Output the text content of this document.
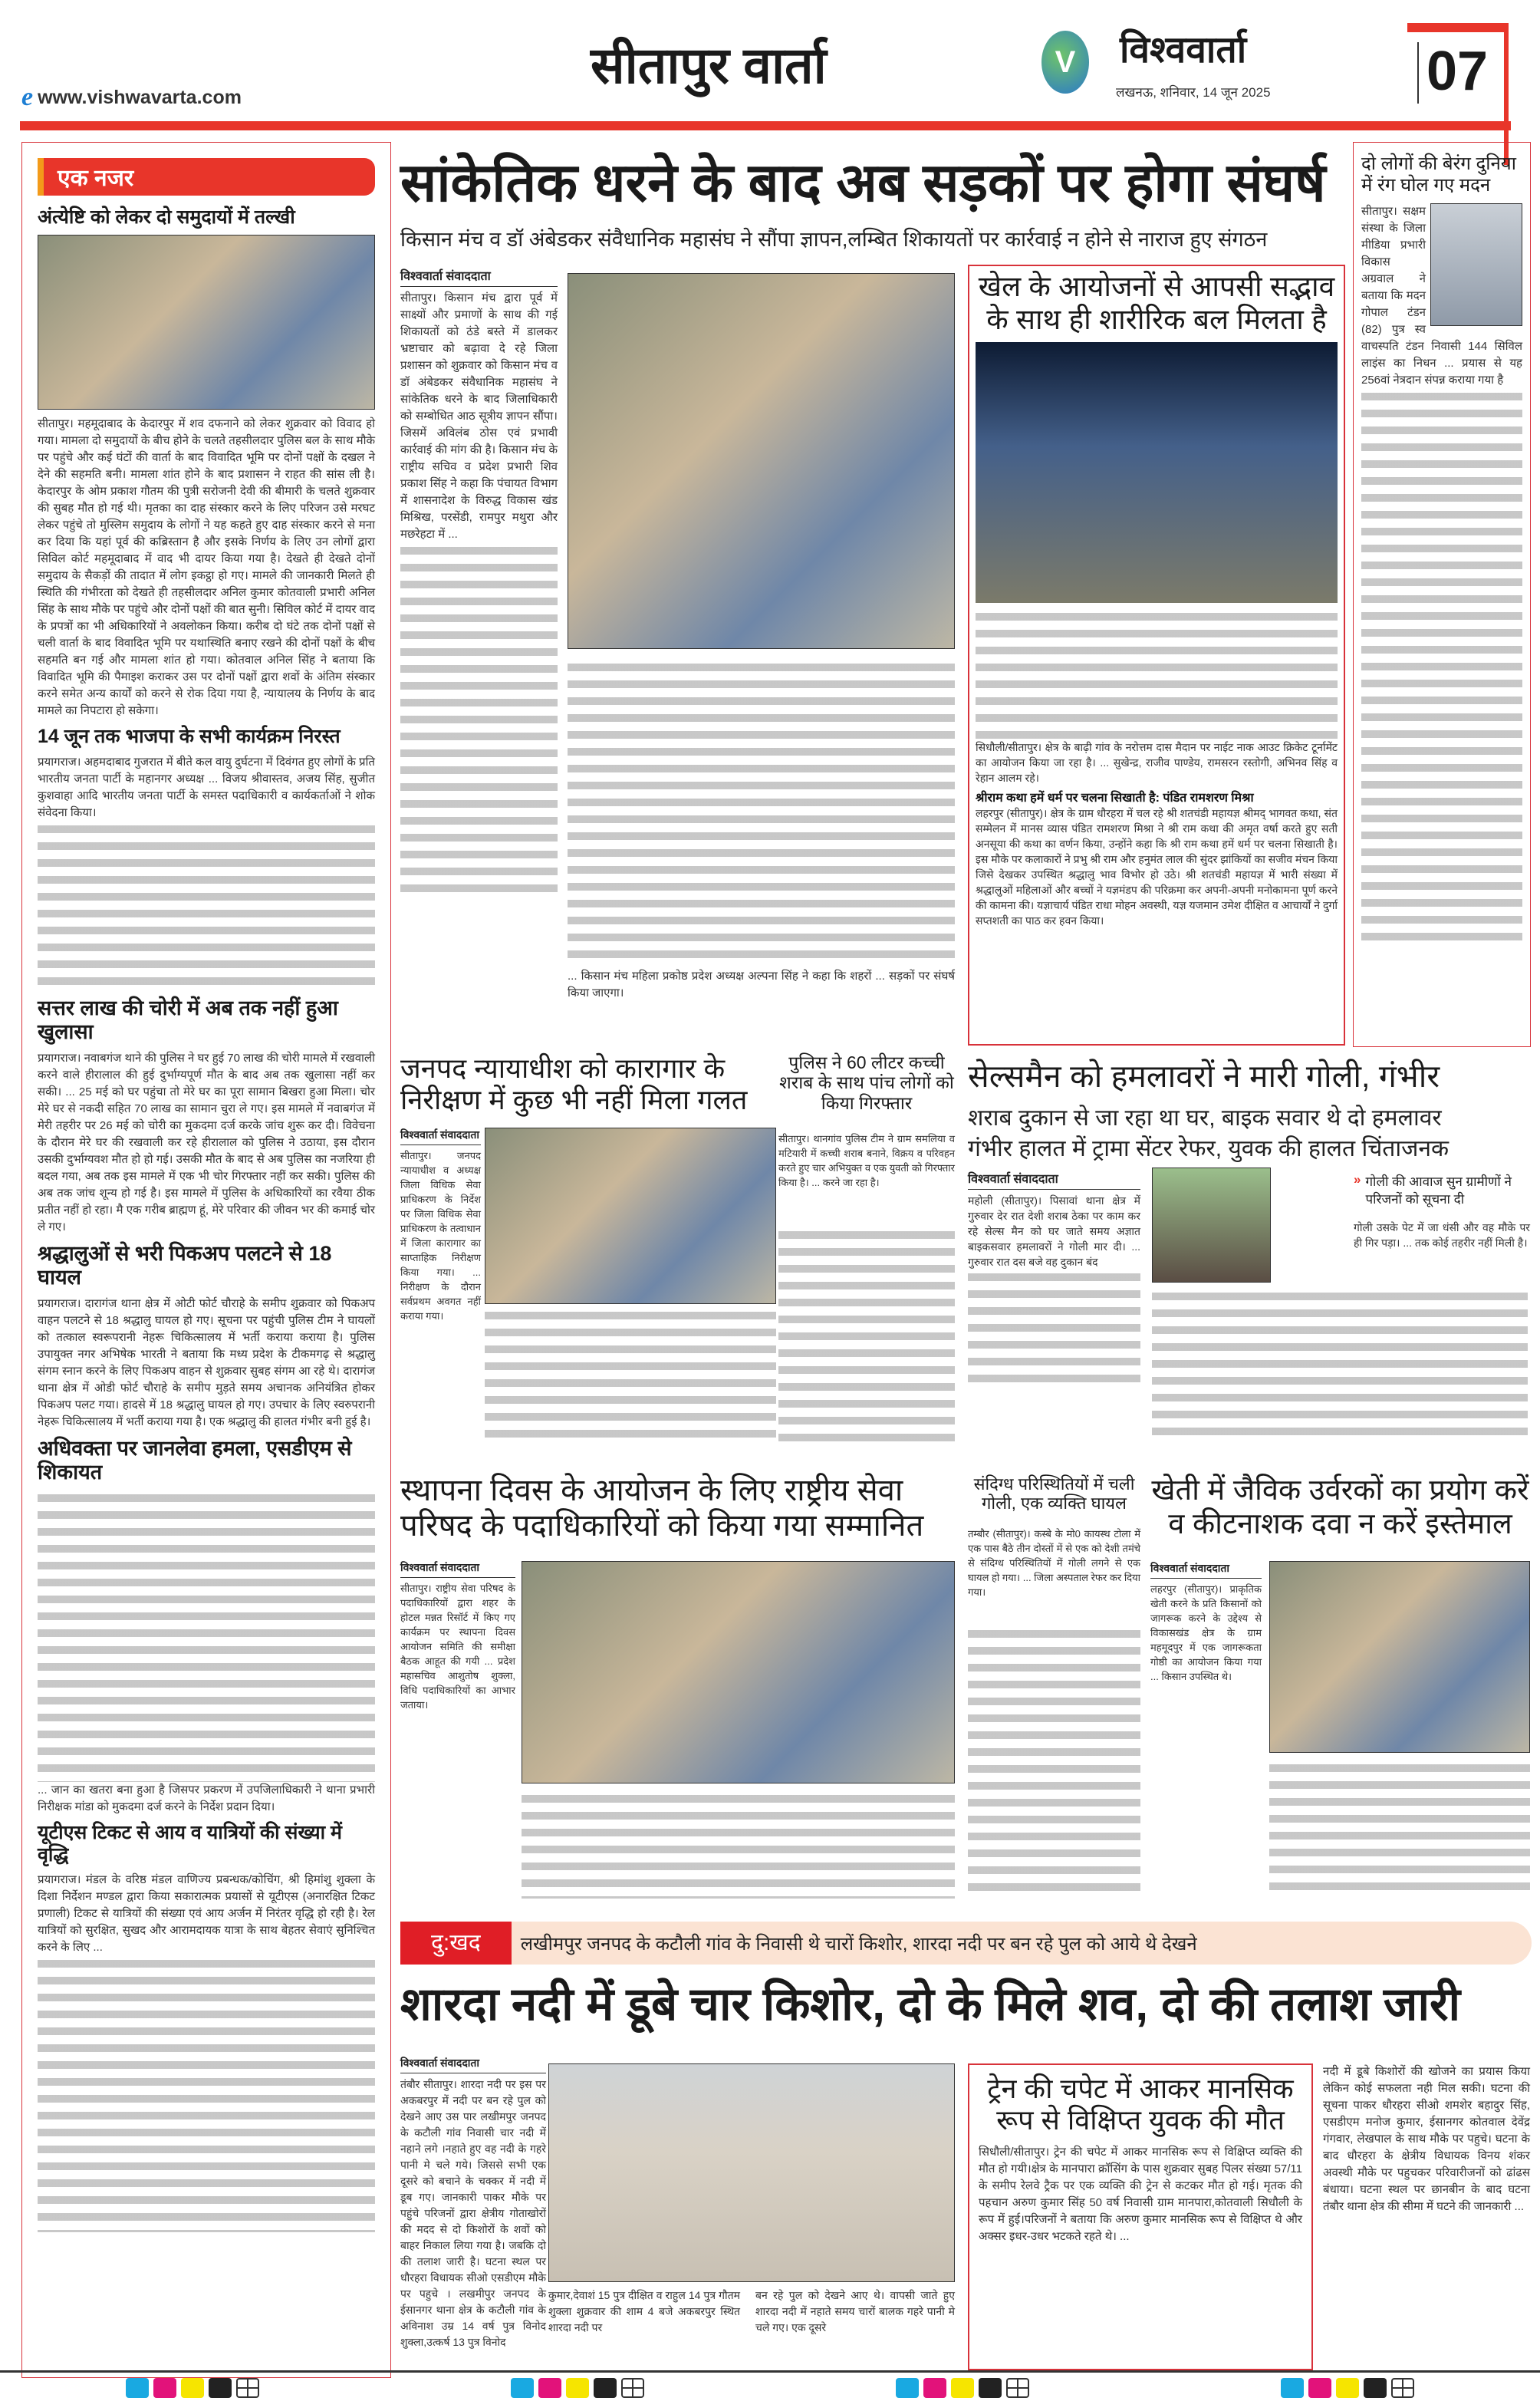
e www.vishwavarta.com
सीतापुर वार्ता	V	विश्ववार्ता
लखनऊ, शनिवार, 14 जून 2025	07
एक नजर
अंत्येष्टि को लेकर दो समुदायों में तल्खी
सीतापुर। महमूदाबाद के केदारपुर में शव दफनाने को लेकर शुक्रवार को विवाद हो गया। मामला दो समुदायों के बीच होने के चलते तहसीलदार पुलिस बल के साथ मौके पर पहुंचे और कई घंटों की वार्ता के बाद विवादित भूमि पर दोनों पक्षों के दखल ने देने की सहमति बनी। मामला शांत होने के बाद प्रशासन ने राहत की सांस ली है। केदारपुर के ओम प्रकाश गौतम की पुत्री सरोजनी देवी की बीमारी के चलते शुक्रवार की सुबह मौत हो गई थी। मृतका का दाह संस्कार करने के लिए परिजन उसे मरघट लेकर पहुंचे तो मुस्लिम समुदाय के लोगों ने यह कहते हुए दाह संस्कार करने से मना कर दिया कि यहां पूर्व की कब्रिस्तान है और इसके निर्णय के लिए उन लोगों द्वारा सिविल कोर्ट महमूदाबाद में वाद भी दायर किया गया है। देखते ही देखते दोनों समुदाय के सैकड़ों की तादात में लोग इकट्ठा हो गए। मामले की जानकारी मिलते ही स्थिति की गंभीरता को देखते ही तहसीलदार अनिल कुमार कोतवाली प्रभारी अनिल सिंह के साथ मौके पर पहुंचे और दोनों पक्षों की बात सुनी। सिविल कोर्ट में दायर वाद के प्रपत्रों का भी अधिकारियों ने अवलोकन किया। करीब दो घंटे तक दोनों पक्षों से चली वार्ता के बाद विवादित भूमि पर यथास्थिति बनाए रखने की दोनों पक्षों के बीच सहमति बन गई और मामला शांत हो गया। कोतवाल अनिल सिंह ने बताया कि विवादित भूमि की पैमाइश कराकर उस पर दोनों पक्षों द्वारा शवों के अंतिम संस्कार करने समेत अन्य कार्यों को करने से रोक दिया गया है, न्यायालय के निर्णय के बाद मामले का निपटारा हो सकेगा।
14 जून तक भाजपा के सभी कार्यक्रम निरस्त
प्रयागराज। अहमदाबाद गुजरात में बीते कल वायु दुर्घटना में दिवंगत हुए लोगों के प्रति भारतीय जनता पार्टी के महानगर अध्यक्ष ... विजय श्रीवास्तव, अजय सिंह, सुजीत कुशवाहा आदि भारतीय जनता पार्टी के समस्त पदाधिकारी व कार्यकर्ताओं ने शोक संवेदना किया।
सत्तर लाख की चोरी में अब तक नहीं हुआ खुलासा
प्रयागराज। नवाबगंज थाने की पुलिस ने घर हुई 70 लाख की चोरी मामले में रखवाली करने वाले हीरालाल की हुई दुर्भाग्यपूर्ण मौत के बाद अब तक खुलासा नहीं कर सकी। ... 25 मई को घर पहुंचा तो मेरे घर का पूरा सामान बिखरा हुआ मिला। चोर मेरे घर से नकदी सहित 70 लाख का सामान चुरा ले गए। इस मामले में नवाबगंज में मेरी तहरीर पर 26 मई को चोरी का मुकदमा दर्ज करके जांच शुरू कर दी। विवेचना के दौरान मेरे घर की रखवाली कर रहे हीरालाल को पुलिस ने उठाया, इस दौरान उसकी दुर्भाग्यवश मौत हो हो गई। उसकी मौत के बाद से अब पुलिस का नजरिया ही बदल गया, अब तक इस मामले में एक भी चोर गिरफ्तार नहीं कर सकी। पुलिस की अब तक जांच शून्य हो गई है। इस मामले में पुलिस के अधिकारियों का रवैया ठीक प्रतीत नहीं हो रहा। मै एक गरीब ब्राह्मण हूं, मेरे परिवार की जीवन भर की कमाई चोर ले गए।
श्रद्धालुओं से भरी पिकअप पलटने से 18 घायल
प्रयागराज। दारागंज थाना क्षेत्र में ओटी फोर्ट चौराहे के समीप शुक्रवार को पिकअप वाहन पलटने से 18 श्रद्धालु घायल हो गए। सूचना पर पहुंची पुलिस टीम ने घायलों को तत्काल स्वरूपरानी नेहरू चिकित्सालय में भर्ती कराया कराया है। पुलिस उपायुक्त नगर अभिषेक भारती ने बताया कि मध्य प्रदेश के टीकमगढ़ से श्रद्धालु संगम स्नान करने के लिए पिकअप वाहन से शुक्रवार सुबह संगम आ रहे थे। दारागंज थाना क्षेत्र में ओडी फोर्ट चौराहे के समीप मुड़ते समय अचानक अनियंत्रित होकर पिकअप पलट गया। हादसे में 18 श्रद्धालु घायल हो गए। उपचार के लिए स्वरुपरानी नेहरू चिकित्सालय में भर्ती कराया गया है। एक श्रद्धालु की हालत गंभीर बनी हुई है।
अधिवक्ता पर जानलेवा हमला, एसडीएम से शिकायत
... जान का खतरा बना हुआ है जिसपर प्रकरण में उपजिलाधिकारी ने थाना प्रभारी निरीक्षक मांडा को मुकदमा दर्ज करने के निर्देश प्रदान दिया।
यूटीएस टिकट से आय व यात्रियों की संख्या में वृद्धि
प्रयागराज। मंडल के वरिष्ठ मंडल वाणिज्य प्रबन्धक/कोचिंग, श्री हिमांशु शुक्ला के दिशा निर्देशन मण्डल द्वारा किया सकारात्मक प्रयासों से यूटीएस (अनारक्षित टिकट प्रणाली) टिकट से यात्रियों की संख्या एवं आय अर्जन में निरंतर वृद्धि हो रही है। रेल यात्रियों को सुरक्षित, सुखद और आरामदायक यात्रा के साथ बेहतर सेवाएं सुनिश्चित करने के लिए ...
सांकेतिक धरने के बाद अब सड़कों पर होगा संघर्ष
किसान मंच व डॉ अंबेडकर संवैधानिक महासंघ ने सौंपा ज्ञापन,लम्बित शिकायतों पर कार्रवाई न होने से नाराज हुए संगठन
विश्ववार्ता संवाददाता
सीतापुर। किसान मंच द्वारा पूर्व में साक्ष्यों और प्रमाणों के साथ की गई शिकायतों को ठंडे बस्ते में डालकर भ्रष्टाचार को बढ़ावा दे रहे जिला प्रशासन को शुक्रवार को किसान मंच व डॉ अंबेडकर संवैधानिक महासंघ ने सांकेतिक धरने के बाद जिलाधिकारी को सम्बोधित आठ सूत्रीय ज्ञापन सौंपा। जिसमें अविलंब ठोस एवं प्रभावी कार्रवाई की मांग की है। किसान मंच के राष्ट्रीय सचिव व प्रदेश प्रभारी शिव प्रकाश सिंह ने कहा कि पंचायत विभाग में शासनादेश के विरुद्ध विकास खंड मिश्रिख, परसेंडी, रामपुर मथुरा और मछरेहटा में ...
... किसान मंच महिला प्रकोष्ठ प्रदेश अध्यक्ष अल्पना सिंह ने कहा कि शहरों ... सड़कों पर संघर्ष किया जाएगा।
खेल के आयोजनों से आपसी सद्भाव के साथ ही शारीरिक बल मिलता है
सिधौली/सीतापुर। क्षेत्र के बाढ़ी गांव के नरोत्तम दास मैदान पर नाईट नाक आउट क्रिकेट टूर्नामेंट का आयोजन किया जा रहा है। ... सुखेन्द्र, राजीव पाण्डेय, रामसरन रस्तोगी, अभिनव सिंह व रेहान आलम रहे।
श्रीराम कथा हमें धर्म पर चलना सिखाती है: पंडित रामशरण मिश्रा
लहरपुर (सीतापुर)। क्षेत्र के ग्राम धौरहरा में चल रहे श्री शतचंडी महायज्ञ श्रीमद् भागवत कथा, संत सम्मेलन में मानस व्यास पंडित रामशरण मिश्रा ने श्री राम कथा की अमृत वर्षा करते हुए सती अनसूया की कथा का वर्णन किया, उन्होंने कहा कि श्री राम कथा हमें धर्म पर चलना सिखाती है। इस मौके पर कलाकारों ने प्रभु श्री राम और हनुमंत लाल की सुंदर झांकियों का सजीव मंचन किया जिसे देखकर उपस्थित श्रद्धालु भाव विभोर हो उठे। श्री शतचंडी महायज्ञ में भारी संख्या में श्रद्धालुओं महिलाओं और बच्चों ने यज्ञमंडप की परिक्रमा कर अपनी-अपनी मनोकामना पूर्ण करने की कामना की। यज्ञाचार्य पंडित राधा मोहन अवस्थी, यज्ञ यजमान उमेश दीक्षित व आचार्यों ने दुर्गा सप्तशती का पाठ कर हवन किया।
दो लोगों की बेरंग दुनिया में रंग घोल गए मदन
सीतापुर। सक्षम संस्था के जिला मीडिया प्रभारी विकास अग्रवाल ने बताया कि मदन गोपाल टंडन (82) पुत्र स्व वाचस्पति टंडन निवासी 144 सिविल लाइंस का निधन ... प्रयास से यह 256वां नेत्रदान संपन्न कराया गया है
जनपद न्यायाधीश को कारागार के निरीक्षण में कुछ भी नहीं मिला गलत
विश्ववार्ता संवाददाता
सीतापुर। जनपद न्यायाधीश व अध्यक्ष जिला विधिक सेवा प्राधिकरण के निर्देश पर जिला विधिक सेवा प्राधिकरण के तत्वाधान में जिला कारागार का साप्ताहिक निरीक्षण किया गया। ... निरीक्षण के दौरान सर्वप्रथम अवगत नहीं कराया गया।
पुलिस ने 60 लीटर कच्ची शराब के साथ पांच लोगों को किया गिरफ्तार
सीतापुर। थानगांव पुलिस टीम ने ग्राम समलिया व मटियारी में कच्ची शराब बनाने, विक्रय व परिवहन करते हुए चार अभियुक्त व एक युवती को गिरफ्तार किया है। ... करने जा रहा है।
सेल्समैन को हमलावरों ने मारी गोली, गंभीर
शराब दुकान से जा रहा था घर, बाइक सवार थे दो हमलावर
गंभीर हालत में ट्रामा सेंटर रेफर, युवक की हालत चिंताजनक
विश्ववार्ता संवाददाता
महोली (सीतापुर)। पिसावां थाना क्षेत्र में गुरुवार देर रात देशी शराब ठेका पर काम कर रहे सेल्स मैन को घर जाते समय अज्ञात बाइकसवार हमलावरों ने गोली मार दी। ... गुरुवार रात दस बजे वह दुकान बंद
» गोली की आवाज सुन ग्रामीणों ने परिजनों को सूचना दी
गोली उसके पेट में जा धंसी और वह मौके पर ही गिर पड़ा। ... तक कोई तहरीर नहीं मिली है।
स्थापना दिवस के आयोजन के लिए राष्ट्रीय सेवा परिषद के पदाधिकारियों को किया गया सम्मानित
विश्ववार्ता संवाददाता
सीतापुर। राष्ट्रीय सेवा परिषद के पदाधिकारियों द्वारा शहर के होटल मन्नत रिसॉर्ट में किए गए कार्यक्रम पर स्थापना दिवस आयोजन समिति की समीक्षा बैठक आहूत की गयी ... प्रदेश महासचिव आशुतोष शुक्ला, विधि पदाधिकारियों का आभार जताया।
संदिग्ध परिस्थितियों में चली गोली, एक व्यक्ति घायल
तम्बौर (सीतापुर)। कस्बे के मो0 कायस्थ टोला में एक पास बैठे तीन दोस्तों में से एक को देशी तमंचे से संदिग्ध परिस्थितियों में गोली लगने से एक घायल हो गया। ... जिला अस्पताल रेफर कर दिया गया।
खेती में जैविक उर्वरकों का प्रयोग करें व कीटनाशक दवा न करें इस्तेमाल
विश्ववार्ता संवाददाता
लहरपुर (सीतापुर)। प्राकृतिक खेती करने के प्रति किसानों को जागरूक करने के उद्देश्य से विकासखंड क्षेत्र के ग्राम महमूदपुर में एक जागरूकता गोष्ठी का आयोजन किया गया ... किसान उपस्थित थे।
दु:खद	लखीमपुर जनपद के कटौली गांव के निवासी थे चारों किशोर, शारदा नदी पर बन रहे पुल को आये थे देखने
शारदा नदी में डूबे चार किशोर, दो के मिले शव, दो की तलाश जारी
विश्ववार्ता संवाददाता
तंबौर सीतापुर। शारदा नदी पर इस पर अकबरपुर में नदी पर बन रहे पुल को देखने आए उस पार लखीमपुर जनपद के कटौली गांव निवासी चार नदी में नहाने लगे ।नहाते हुए वह नदी के गहरे पानी मे चले गये। जिससे सभी एक दूसरे को बचाने के चक्कर में नदी में डूब गए। जानकारी पाकर मौके पर पहुंचे परिजनों द्वारा क्षेत्रीय गोताखोरों की मदद से दो किशोरों के शवों को बाहर निकाल लिया गया है। जबकि दो की तलाश जारी है। घटना स्थल पर धौरहरा विधायक सीओ एसडीएम मौके पर पहुचे । लखमीपुर जनपद के ईसानगर थाना क्षेत्र के कटौली गांव के अविनाश उम्र 14 वर्ष पुत्र विनोद शुक्ला,उत्कर्ष 13 पुत्र विनोद
कुमार,देवाशं 15 पुत्र दीक्षित व राहुल 14 पुत्र गौतम शुक्ला शुक्रवार की शाम 4 बजे अकबरपुर स्थित शारदा नदी पर
बन रहे पुल को देखने आए थे। वापसी जाते हुए शारदा नदी में नहाते समय चारों बालक गहरे पानी मे चले गए। एक दूसरे
ट्रेन की चपेट में आकर मानसिक रूप से विक्षिप्त युवक की मौत
सिधौली/सीतापुर। ट्रेन की चपेट में आकर मानसिक रूप से विक्षिप्त व्यक्ति की मौत हो गयी।क्षेत्र के मानपारा क्रॉसिंग के पास शुक्रवार सुबह पिलर संख्या 57/11 के समीप रेलवे ट्रैक पर एक व्यक्ति की ट्रेन से कटकर मौत हो गई। मृतक की पहचान अरुण कुमार सिंह 50 वर्ष निवासी ग्राम मानपारा,कोतवाली सिधौली के रूप में हुई।परिजनों ने बताया कि अरुण कुमार मानसिक रूप से विक्षिप्त थे और अक्सर इधर-उधर भटकते रहते थे। ...
नदी में डूबे किशोरों की खोजने का प्रयास किया लेकिन कोई सफलता नही मिल सकी। घटना की सूचना पाकर धौरहरा सीओ शमशेर बहादुर सिंह, एसडीएम मनोज कुमार, ईसानगर कोतवाल देवेंद्र गंगवार, लेखपाल के साथ मौके पर पहुचे। घटना के बाद धौरहरा के क्षेत्रीय विधायक विनय शंकर अवस्थी मौके पर पहुचकर परिवारीजनों को ढांढस बंधाया। घटना स्थल पर छानबीन के बाद घटना तंबौर थाना क्षेत्र की सीमा में घटने की जानकारी ...
